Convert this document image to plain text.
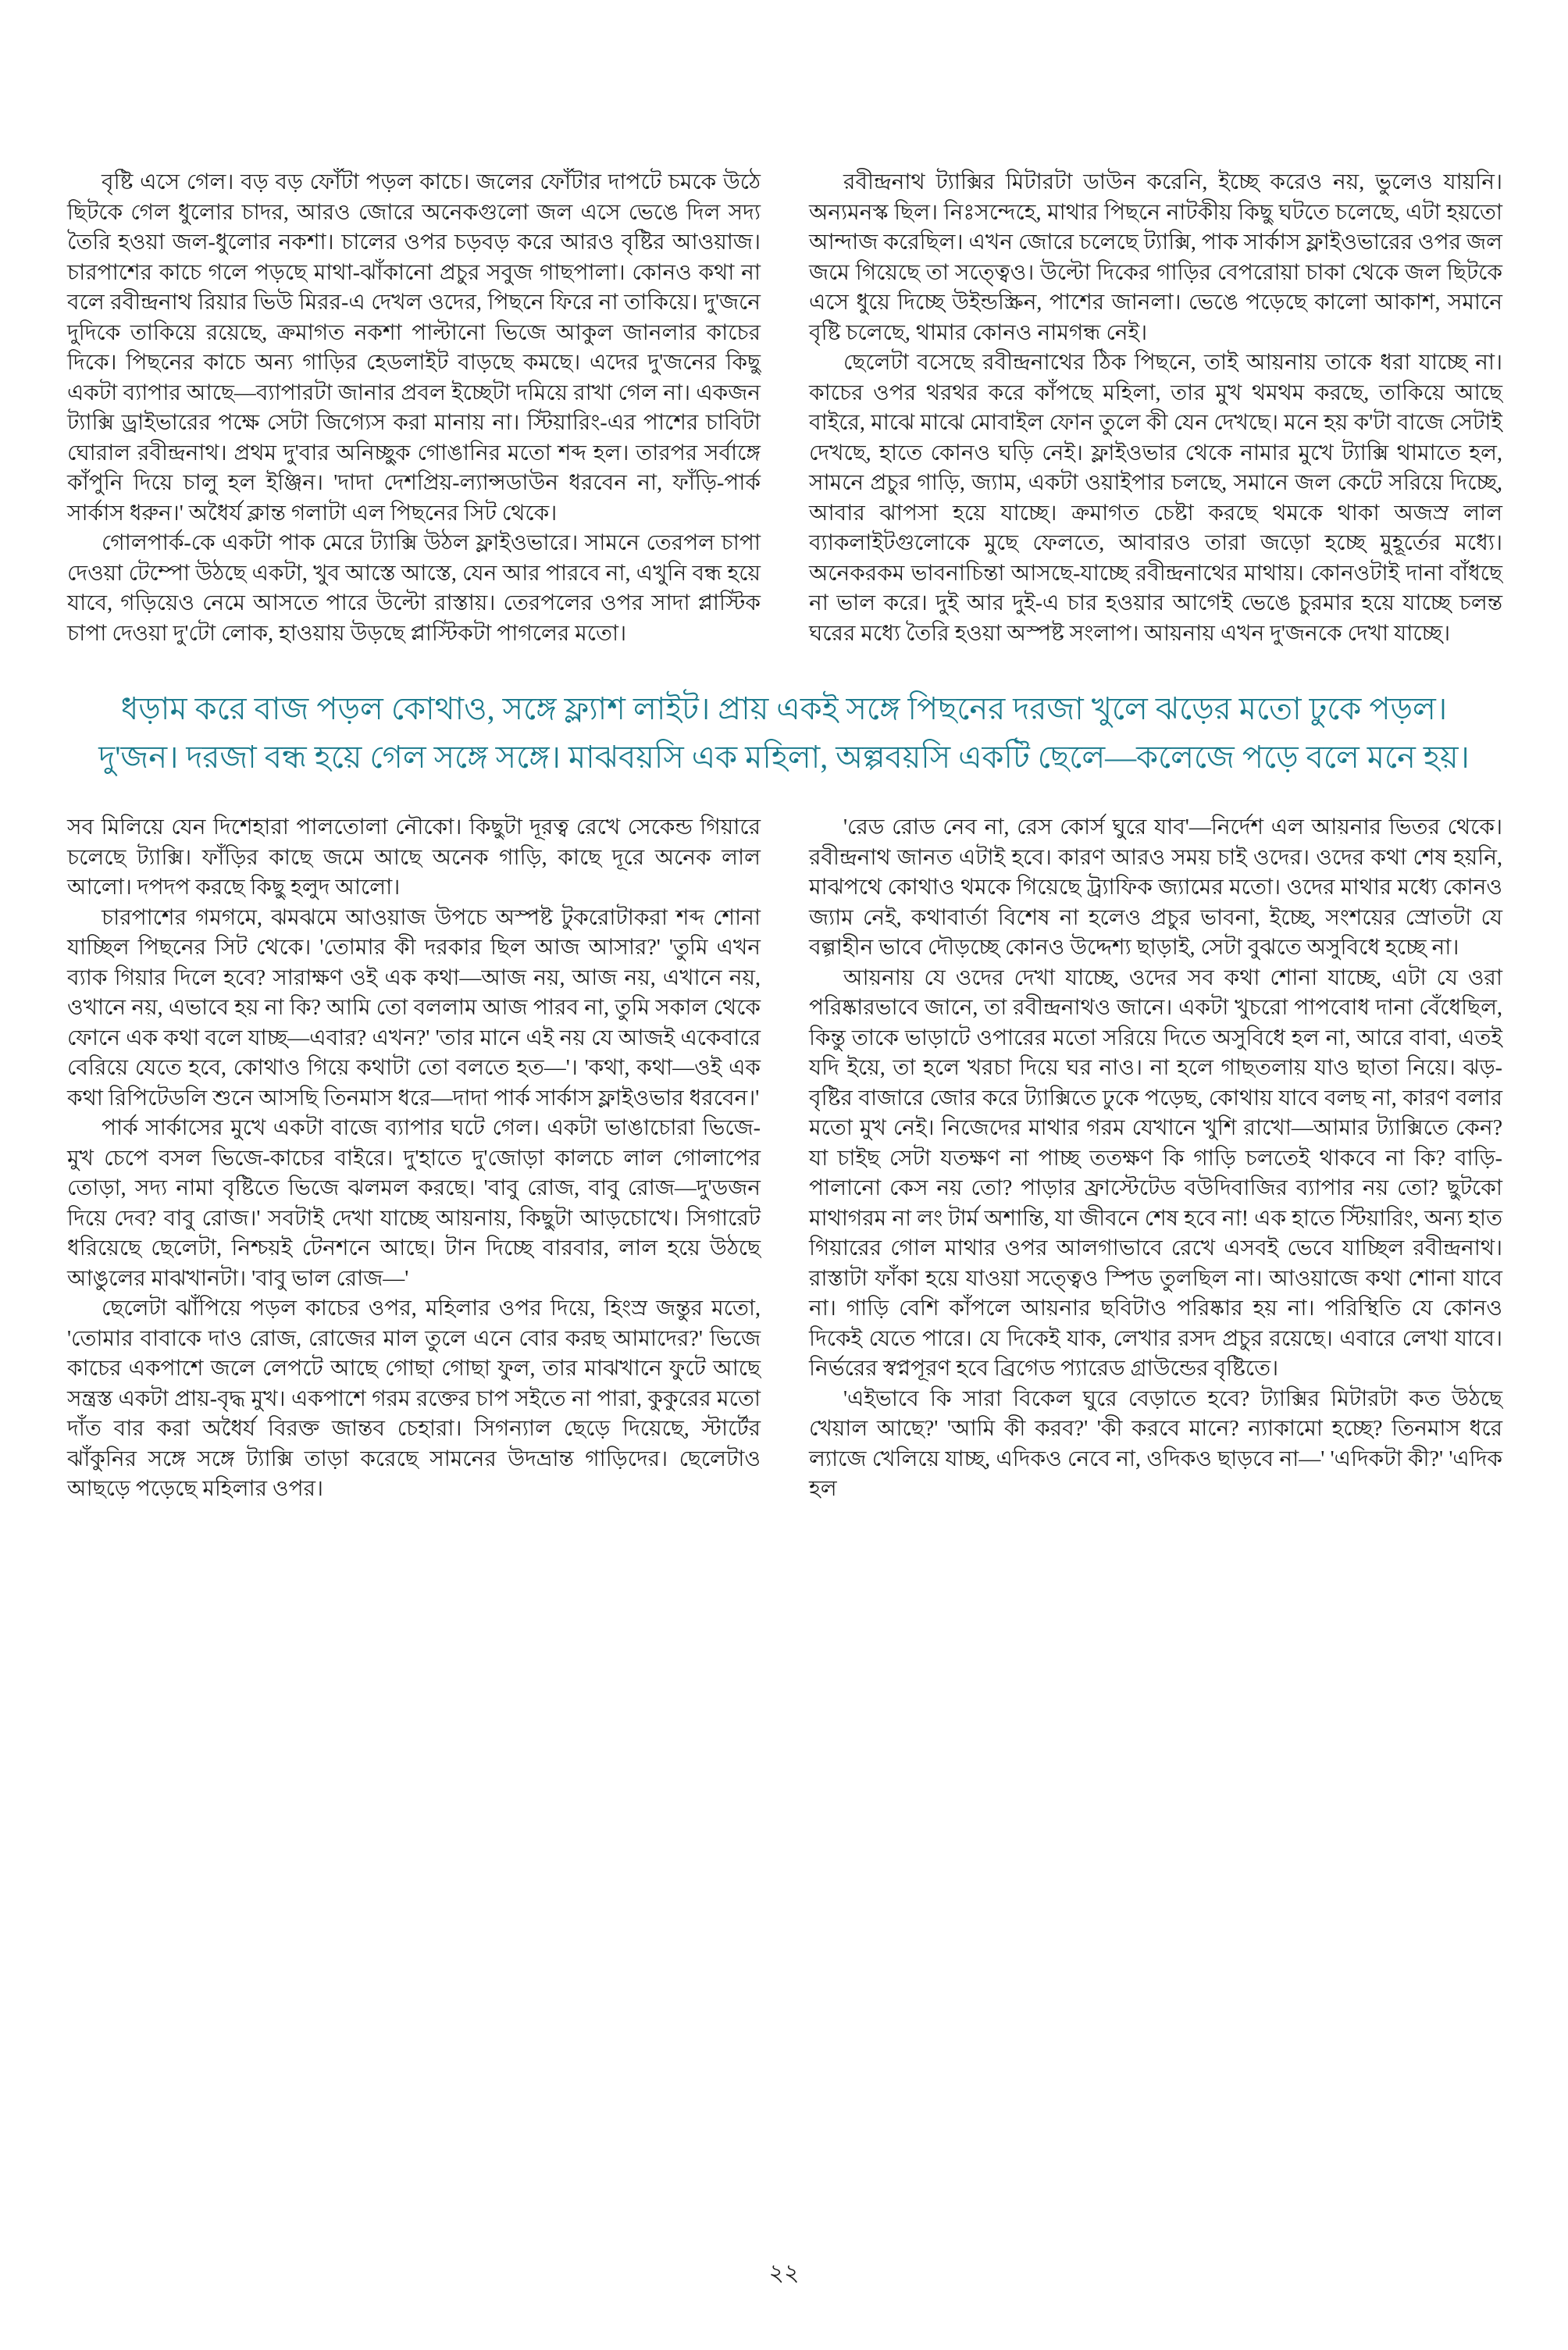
বৃষ্টি এসে গেল। বড় বড় ফোঁটা পড়ল কাচে। জলের ফোঁটার দাপটে চমকে উঠে ছিটকে গেল ধুলোর চাদর, আরও জোরে অনেকগুলো জল এসে ভেঙে দিল সদ্য তৈরি হওয়া জল-ধুলোর নকশা। চালের ওপর চড়বড় করে আরও বৃষ্টির আওয়াজ। চারপাশের কাচে গলে পড়ছে মাথা-ঝাঁকানো প্রচুর সবুজ গাছপালা। কোনও কথা না বলে রবীন্দ্রনাথ রিয়ার ভিউ মিরর-এ দেখল ওদের, পিছনে ফিরে না তাকিয়ে। দু'জনে দুদিকে তাকিয়ে রয়েছে, ক্রমাগত নকশা পাল্টানো ভিজে আকুল জানলার কাচের দিকে। পিছনের কাচে অন্য গাড়ির হেডলাইট বাড়ছে কমছে। এদের দু'জনের কিছু একটা ব্যাপার আছে—ব্যাপারটা জানার প্রবল ইচ্ছেটা দমিয়ে রাখা গেল না। একজন ট্যাক্সি ড্রাইভারের পক্ষে সেটা জিগ্যেস করা মানায় না। স্টিয়ারিং-এর পাশের চাবিটা ঘোরাল রবীন্দ্রনাথ। প্রথম দু'বার অনিচ্ছুক গোঙানির মতো শব্দ হল। তারপর সর্বাঙ্গে কাঁপুনি দিয়ে চালু হল ইঞ্জিন। 'দাদা দেশপ্রিয়-ল্যান্সডাউন ধরবেন না, ফাঁড়ি-পার্ক সার্কাস ধরুন।' অধৈর্য ক্লান্ত গলাটা এল পিছনের সিট থেকে।

গোলপার্ক-কে একটা পাক মেরে ট্যাক্সি উঠল ফ্লাইওভারে। সামনে তেরপল চাপা দেওয়া টেম্পো উঠছে একটা, খুব আস্তে আস্তে, যেন আর পারবে না, এখুনি বন্ধ হয়ে যাবে, গড়িয়েও নেমে আসতে পারে উল্টো রাস্তায়। তেরপলের ওপর সাদা প্লাস্টিক চাপা দেওয়া দু'টো লোক, হাওয়ায় উড়ছে প্লাস্টিকটা পাগলের মতো।

রবীন্দ্রনাথ ট্যাক্সির মিটারটা ডাউন করেনি, ইচ্ছে করেও নয়, ভুলেও যায়নি। অন্যমনস্ক ছিল। নিঃসন্দেহে, মাথার পিছনে নাটকীয় কিছু ঘটতে চলেছে, এটা হয়তো আন্দাজ করেছিল। এখন জোরে চলেছে ট্যাক্সি, পাক সার্কাস ফ্লাইওভারের ওপর জল জমে গিয়েছে তা সত্ত্বেও। উল্টো দিকের গাড়ির বেপরোয়া চাকা থেকে জল ছিটকে এসে ধুয়ে দিচ্ছে উইন্ডস্ক্রিন, পাশের জানলা। ভেঙে পড়েছে কালো আকাশ, সমানে বৃষ্টি চলেছে, থামার কোনও নামগন্ধ নেই।

ছেলেটা বসেছে রবীন্দ্রনাথের ঠিক পিছনে, তাই আয়নায় তাকে ধরা যাচ্ছে না। কাচের ওপর থরথর করে কাঁপছে মহিলা, তার মুখ থমথম করছে, তাকিয়ে আছে বাইরে, মাঝে মাঝে মোবাইল ফোন তুলে কী যেন দেখছে। মনে হয় ক'টা বাজে সেটাই দেখছে, হাতে কোনও ঘড়ি নেই। ফ্লাইওভার থেকে নামার মুখে ট্যাক্সি থামাতে হল, সামনে প্রচুর গাড়ি, জ্যাম, একটা ওয়াইপার চলছে, সমানে জল কেটে সরিয়ে দিচ্ছে, আবার ঝাপসা হয়ে যাচ্ছে। ক্রমাগত চেষ্টা করছে থমকে থাকা অজস্র লাল ব্যাকলাইটগুলোকে মুছে ফেলতে, আবারও তারা জড়ো হচ্ছে মুহূর্তের মধ্যে। অনেকরকম ভাবনাচিন্তা আসছে-যাচ্ছে রবীন্দ্রনাথের মাথায়। কোনওটাই দানা বাঁধছে না ভাল করে। দুই আর দুই-এ চার হওয়ার আগেই ভেঙে চুরমার হয়ে যাচ্ছে চলন্ত ঘরের মধ্যে তৈরি হওয়া অস্পষ্ট সংলাপ। আয়নায় এখন দু'জনকে দেখা যাচ্ছে।

ধড়াম করে বাজ পড়ল কোথাও, সঙ্গে ফ্ল্যাশ লাইট। প্রায় একই সঙ্গে পিছনের দরজা খুলে ঝড়ের মতো ঢুকে পড়ল। দু'জন। দরজা বন্ধ হয়ে গেল সঙ্গে সঙ্গে। মাঝবয়সি এক মহিলা, অল্পবয়সি একটি ছেলে—কলেজে পড়ে বলে মনে হয়।

সব মিলিয়ে যেন দিশেহারা পালতোলা নৌকো। কিছুটা দূরত্ব রেখে সেকেন্ড গিয়ারে চলেছে ট্যাক্সি। ফাঁড়ির কাছে জমে আছে অনেক গাড়ি, কাছে দূরে অনেক লাল আলো। দপদপ করছে কিছু হলুদ আলো।

চারপাশের গমগমে, ঝমঝমে আওয়াজ উপচে অস্পষ্ট টুকরোটাকরা শব্দ শোনা যাচ্ছিল পিছনের সিট থেকে। 'তোমার কী দরকার ছিল আজ আসার?' 'তুমি এখন ব্যাক গিয়ার দিলে হবে? সারাক্ষণ ওই এক কথা—আজ নয়, আজ নয়, এখানে নয়, ওখানে নয়, এভাবে হয় না কি? আমি তো বললাম আজ পারব না, তুমি সকাল থেকে ফোনে এক কথা বলে যাচ্ছ—এবার? এখন?' 'তার মানে এই নয় যে আজই একেবারে বেরিয়ে যেতে হবে, কোথাও গিয়ে কথাটা তো বলতে হত—'। 'কথা, কথা—ওই এক কথা রিপিটেডলি শুনে আসছি তিনমাস ধরে—দাদা পার্ক সার্কাস ফ্লাইওভার ধরবেন।'

পার্ক সার্কাসের মুখে একটা বাজে ব্যাপার ঘটে গেল। একটা ভাঙাচোরা ভিজে-মুখ চেপে বসল ভিজে-কাচের বাইরে। দু'হাতে দু'জোড়া কালচে লাল গোলাপের তোড়া, সদ্য নামা বৃষ্টিতে ভিজে ঝলমল করছে। 'বাবু রোজ, বাবু রোজ—দু'ডজন দিয়ে দেব? বাবু রোজ।' সবটাই দেখা যাচ্ছে আয়নায়, কিছুটা আড়চোখে। সিগারেট ধরিয়েছে ছেলেটা, নিশ্চয়ই টেনশনে আছে। টান দিচ্ছে বারবার, লাল হয়ে উঠছে আঙুলের মাঝখানটা। 'বাবু ভাল রোজ—'

ছেলেটা ঝাঁপিয়ে পড়ল কাচের ওপর, মহিলার ওপর দিয়ে, হিংস্র জন্তুর মতো, 'তোমার বাবাকে দাও রোজ, রোজের মাল তুলে এনে বোর করছ আমাদের?' ভিজে কাচের একপাশে জলে লেপটে আছে গোছা গোছা ফুল, তার মাঝখানে ফুটে আছে সন্ত্রস্ত একটা প্রায়-বৃদ্ধ মুখ। একপাশে গরম রক্তের চাপ সইতে না পারা, কুকুরের মতো দাঁত বার করা অধৈর্য বিরক্ত জান্তব চেহারা। সিগন্যাল ছেড়ে দিয়েছে, স্টার্টের ঝাঁকুনির সঙ্গে সঙ্গে ট্যাক্সি তাড়া করেছে সামনের উদভ্রান্ত গাড়িদের। ছেলেটাও আছড়ে পড়েছে মহিলার ওপর।

'রেড রোড নেব না, রেস কোর্স ঘুরে যাব'—নির্দেশ এল আয়নার ভিতর থেকে। রবীন্দ্রনাথ জানত এটাই হবে। কারণ আরও সময় চাই ওদের। ওদের কথা শেষ হয়নি, মাঝপথে কোথাও থমকে গিয়েছে ট্র্যাফিক জ্যামের মতো। ওদের মাথার মধ্যে কোনও জ্যাম নেই, কথাবার্তা বিশেষ না হলেও প্রচুর ভাবনা, ইচ্ছে, সংশয়ের স্রোতটা যে বল্গাহীন ভাবে দৌড়চ্ছে কোনও উদ্দেশ্য ছাড়াই, সেটা বুঝতে অসুবিধে হচ্ছে না।

আয়নায় যে ওদের দেখা যাচ্ছে, ওদের সব কথা শোনা যাচ্ছে, এটা যে ওরা পরিষ্কারভাবে জানে, তা রবীন্দ্রনাথও জানে। একটা খুচরো পাপবোধ দানা বেঁধেছিল, কিন্তু তাকে ভাড়াটে ওপারের মতো সরিয়ে দিতে অসুবিধে হল না, আরে বাবা, এতই যদি ইয়ে, তা হলে খরচা দিয়ে ঘর নাও। না হলে গাছতলায় যাও ছাতা নিয়ে। ঝড়-বৃষ্টির বাজারে জোর করে ট্যাক্সিতে ঢুকে পড়েছ, কোথায় যাবে বলছ না, কারণ বলার মতো মুখ নেই। নিজেদের মাথার গরম যেখানে খুশি রাখো—আমার ট্যাক্সিতে কেন? যা চাইছ সেটা যতক্ষণ না পাচ্ছ ততক্ষণ কি গাড়ি চলতেই থাকবে না কি? বাড়ি-পালানো কেস নয় তো? পাড়ার ফ্রাস্টেটেড বউদিবাজির ব্যাপার নয় তো? ছুটকো মাথাগরম না লং টার্ম অশান্তি, যা জীবনে শেষ হবে না! এক হাতে স্টিয়ারিং, অন্য হাত গিয়ারের গোল মাথার ওপর আলগাভাবে রেখে এসবই ভেবে যাচ্ছিল রবীন্দ্রনাথ। রাস্তাটা ফাঁকা হয়ে যাওয়া সত্ত্বেও স্পিড তুলছিল না। আওয়াজে কথা শোনা যাবে না। গাড়ি বেশি কাঁপলে আয়নার ছবিটাও পরিষ্কার হয় না। পরিস্থিতি যে কোনও দিকেই যেতে পারে। যে দিকেই যাক, লেখার রসদ প্রচুর রয়েছে। এবারে লেখা যাবে। নির্ভরের স্বপ্নপূরণ হবে ব্রিগেড প্যারেড গ্রাউন্ডের বৃষ্টিতে।

'এইভাবে কি সারা বিকেল ঘুরে বেড়াতে হবে? ট্যাক্সির মিটারটা কত উঠছে খেয়াল আছে?' 'আমি কী করব?' 'কী করবে মানে? ন্যাকামো হচ্ছে? তিনমাস ধরে ল্যাজে খেলিয়ে যাচ্ছ, এদিকও নেবে না, ওদিকও ছাড়বে না—' 'এদিকটা কী?' 'এদিক হল

২২
